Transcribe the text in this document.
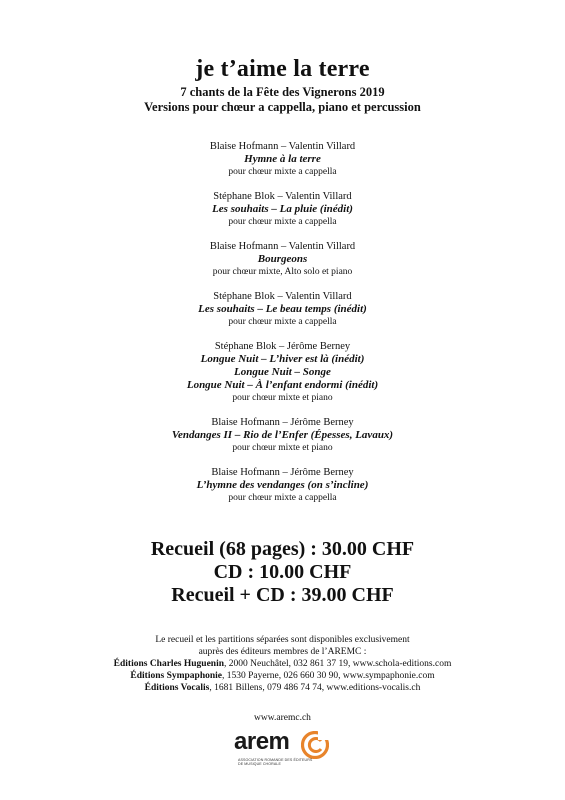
je t’aime la terre
7 chants de la Fête des Vignerons 2019
Versions pour chœur a cappella, piano et percussion
Blaise Hofmann – Valentin Villard
Hymne à la terre
pour chœur mixte a cappella
Stéphane Blok – Valentin Villard
Les souhaits – La pluie (inédit)
pour chœur mixte a cappella
Blaise Hofmann – Valentin Villard
Bourgeons
pour chœur mixte, Alto solo et piano
Stéphane Blok – Valentin Villard
Les souhaits – Le beau temps (inédit)
pour chœur mixte a cappella
Stéphane Blok – Jérôme Berney
Longue Nuit – L’hiver est là (inédit)
Longue Nuit – Songe
Longue Nuit – À l’enfant endormi (inédit)
pour chœur mixte et piano
Blaise Hofmann – Jérôme Berney
Vendanges II – Rio de l’Enfer (Épesses, Lavaux)
pour chœur mixte et piano
Blaise Hofmann – Jérôme Berney
L’hymne des vendanges (on s’incline)
pour chœur mixte a cappella
Recueil (68 pages) : 30.00 CHF
CD : 10.00 CHF
Recueil + CD : 39.00 CHF
Le recueil et les partitions séparées sont disponibles exclusivement
auprès des éditeurs membres de l’AREMC :
Éditions Charles Huguenin, 2000 Neuchâtel, 032 861 37 19, www.schola-editions.com
Éditions Sympaphonie, 1530 Payerne, 026 660 30 90, www.sympaphonie.com
Éditions Vocalis, 1681 Billens, 079 486 74 74, www.editions-vocalis.ch
www.aremc.ch
arem
ASSOCIATION ROMANDE DES ÉDITEURS DE MUSIQUE CHORALE
